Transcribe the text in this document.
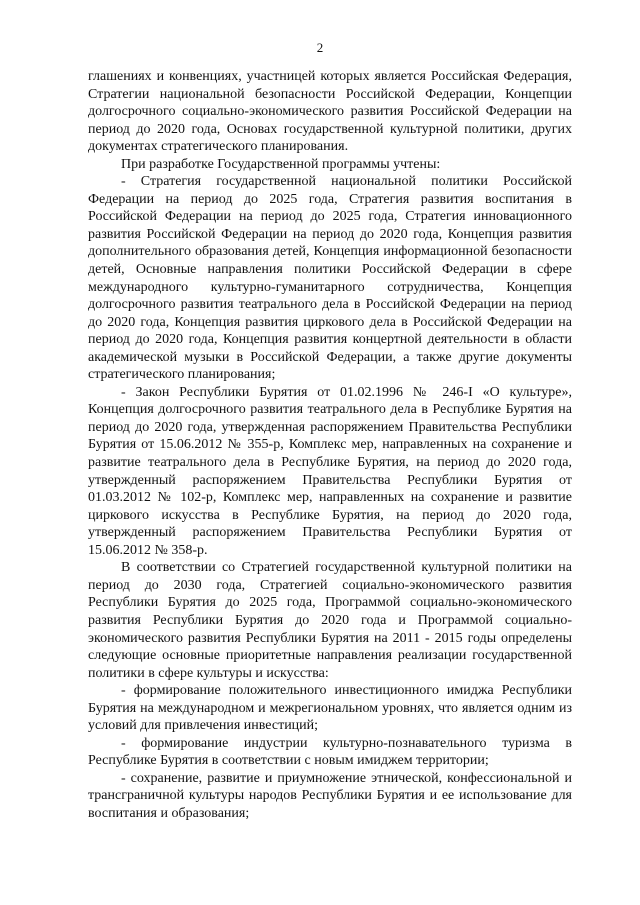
2

глашениях и конвенциях, участницей которых является Российская Федерация, Стратегии национальной безопасности Российской Федерации, Концепции долгосрочного социально-экономического развития Российской Федерации на период до 2020 года, Основах государственной культурной политики, других документах стратегического планирования.

При разработке Государственной программы учтены:

- Стратегия государственной национальной политики Российской Федерации на период до 2025 года, Стратегия развития воспитания в Российской Федерации на период до 2025 года, Стратегия инновационного развития Российской Федерации на период до 2020 года, Концепция развития дополнительного образования детей, Концепция информационной безопасности детей, Основные направления политики Российской Федерации в сфере международного культурно-гуманитарного сотрудничества, Концепция долгосрочного развития театрального дела в Российской Федерации на период до 2020 года, Концепция развития циркового дела в Российской Федерации на период до 2020 года, Концепция развития концертной деятельности в области академической музыки в Российской Федерации, а также другие документы стратегического планирования;

- Закон Республики Бурятия от 01.02.1996 № 246-I «О культуре», Концепция долгосрочного развития театрального дела в Республике Бурятия на период до 2020 года, утвержденная распоряжением Правительства Республики Бурятия от 15.06.2012 № 355-р, Комплекс мер, направленных на сохранение и развитие театрального дела в Республике Бурятия, на период до 2020 года, утвержденный распоряжением Правительства Республики Бурятия от 01.03.2012 № 102-р, Комплекс мер, направленных на сохранение и развитие циркового искусства в Республике Бурятия, на период до 2020 года, утвержденный распоряжением Правительства Республики Бурятия от 15.06.2012 № 358-р.

В соответствии со Стратегией государственной культурной политики на период до 2030 года, Стратегией социально-экономического развития Республики Бурятия до 2025 года, Программой социально-экономического развития Республики Бурятия до 2020 года и Программой социально-экономического развития Республики Бурятия на 2011 - 2015 годы определены следующие основные приоритетные направления реализации государственной политики в сфере культуры и искусства:

- формирование положительного инвестиционного имиджа Республики Бурятия на международном и межрегиональном уровнях, что является одним из условий для привлечения инвестиций;

- формирование индустрии культурно-познавательного туризма в Республике Бурятия в соответствии с новым имиджем территории;

- сохранение, развитие и приумножение этнической, конфессиональной и трансграничной культуры народов Республики Бурятия и ее использование для воспитания и образования;
